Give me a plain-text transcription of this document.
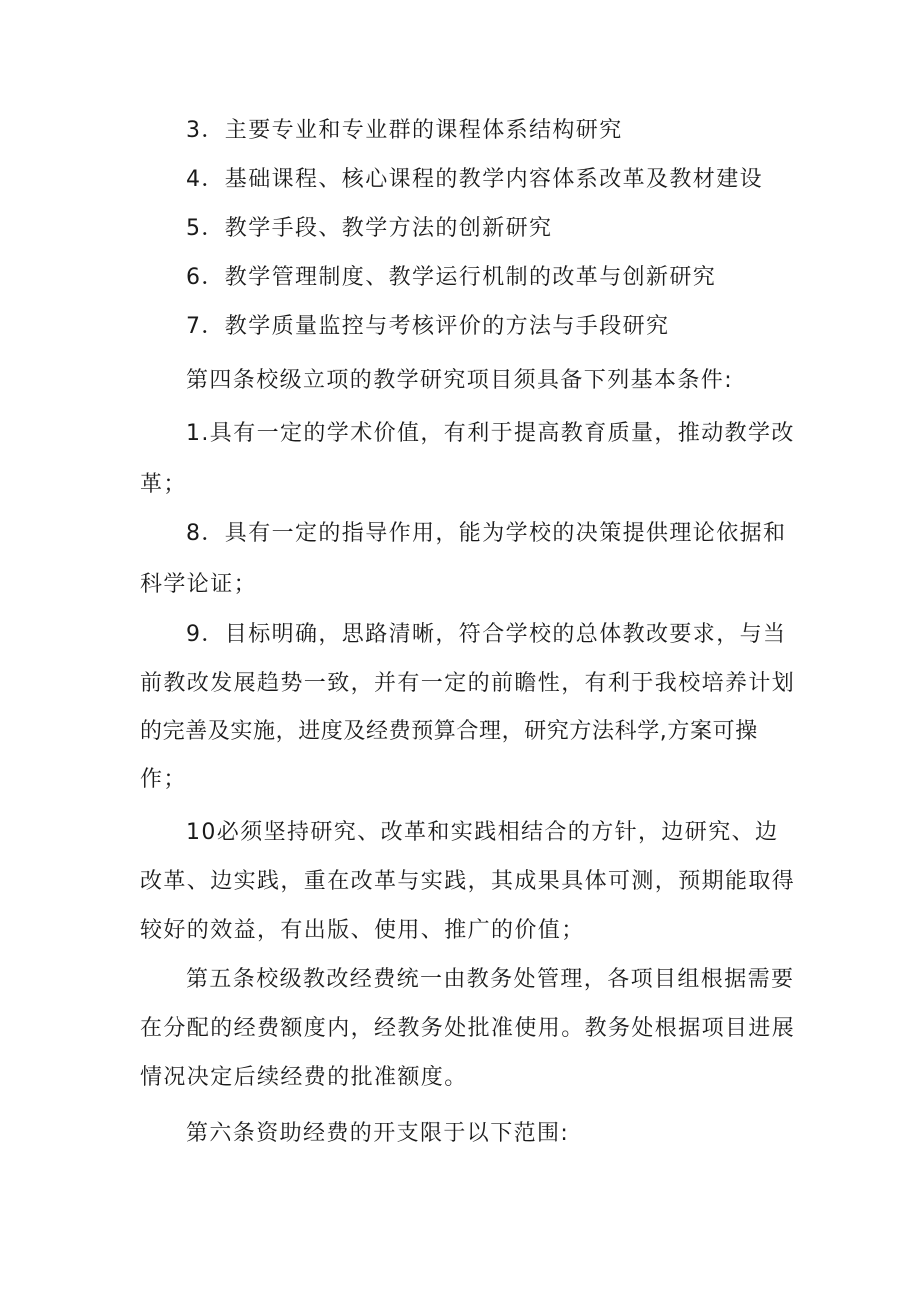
3．主要专业和专业群的课程体系结构研究
4．基础课程、核心课程的教学内容体系改革及教材建设
5．教学手段、教学方法的创新研究
6．教学管理制度、教学运行机制的改革与创新研究
7．教学质量监控与考核评价的方法与手段研究
第四条校级立项的教学研究项目须具备下列基本条件:
1.具有一定的学术价值，有利于提高教育质量，推动教学改
革；
8．具有一定的指导作用，能为学校的决策提供理论依据和
科学论证；
9．目标明确，思路清晰，符合学校的总体教改要求，与当
前教改发展趋势一致，并有一定的前瞻性，有利于我校培养计划
的完善及实施，进度及经费预算合理，研究方法科学,方案可操
作；
10必须坚持研究、改革和实践相结合的方针，边研究、边
改革、边实践，重在改革与实践，其成果具体可测，预期能取得
较好的效益，有出版、使用、推广的价值；
第五条校级教改经费统一由教务处管理，各项目组根据需要
在分配的经费额度内，经教务处批准使用。教务处根据项目进展
情况决定后续经费的批准额度。
第六条资助经费的开支限于以下范围:
